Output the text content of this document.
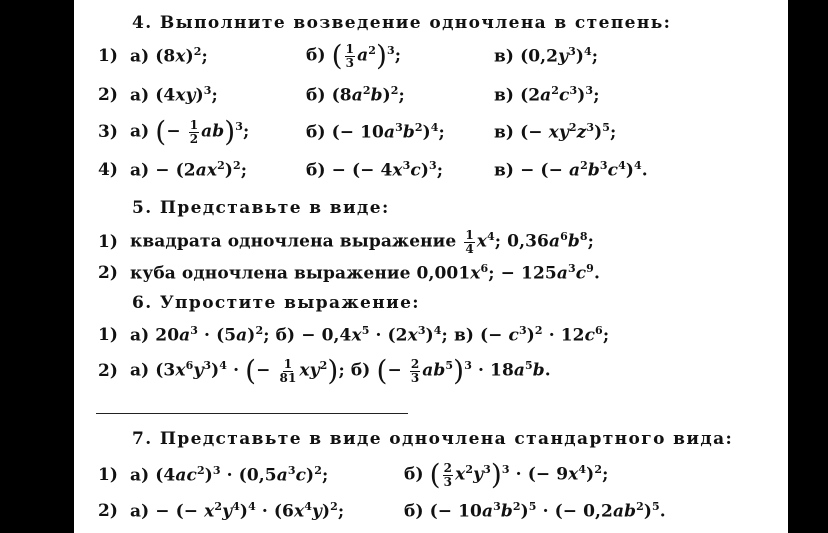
4. Выполните возведение одночлена в степень:
1) а) $(8x)^2$;	б) ( $\frac{1}{3} a^2)^3$;	в) $(0,2y^3)^4$;
2) а) $(4xy)^3$;	б) $(8a^2b)^2$;	в) $(2a^2c^3)^3$;
3) а) (− $\frac{1}{2} ab)^3$;	б) (− $10a^3b^2)^4$;	в) (− $xy^2z^3)^5$;
4) $а) - (2ax^2)^2$;	б) − (− $4x^3c)^3$;	в) − (− $a^2b^3c^4)^4$.
5. Представьте в виде:
1) квадрата одночлена выражение $\frac{1}{4} x^4$; $0,36a^6b^8$;
2) куба одночлена выражение $0,001x^6$; − $125a^3c^9$.
6. Упростите выражение:
1) а) $20a^3 \cdot (5a)^2$; $б) - 0,4x^5 \cdot (2x^3)^4$; в) (− $c^3)^2 \cdot 12c^6$;
2) а) $(3x^6y^3)^4$ · (− $\frac{1}{81} xy^2$); б) (− $\frac{2}{3} ab^5)^3 \cdot 18a^5b$.
7. Представьте в виде одночлена стандартного вида:
1) а) $(4ac^2)^3 \cdot (0,5a^3c)^2$;	б) ( $\frac{2}{3} x^2y^3)^3$ · (− $9x^4)^2$;
2) а) − (− $x^2y^4)^4 \cdot (6x^4y)^2$;	б) (− $10a^3b^2)^5$ · (− $0,2ab^2)^5$.
